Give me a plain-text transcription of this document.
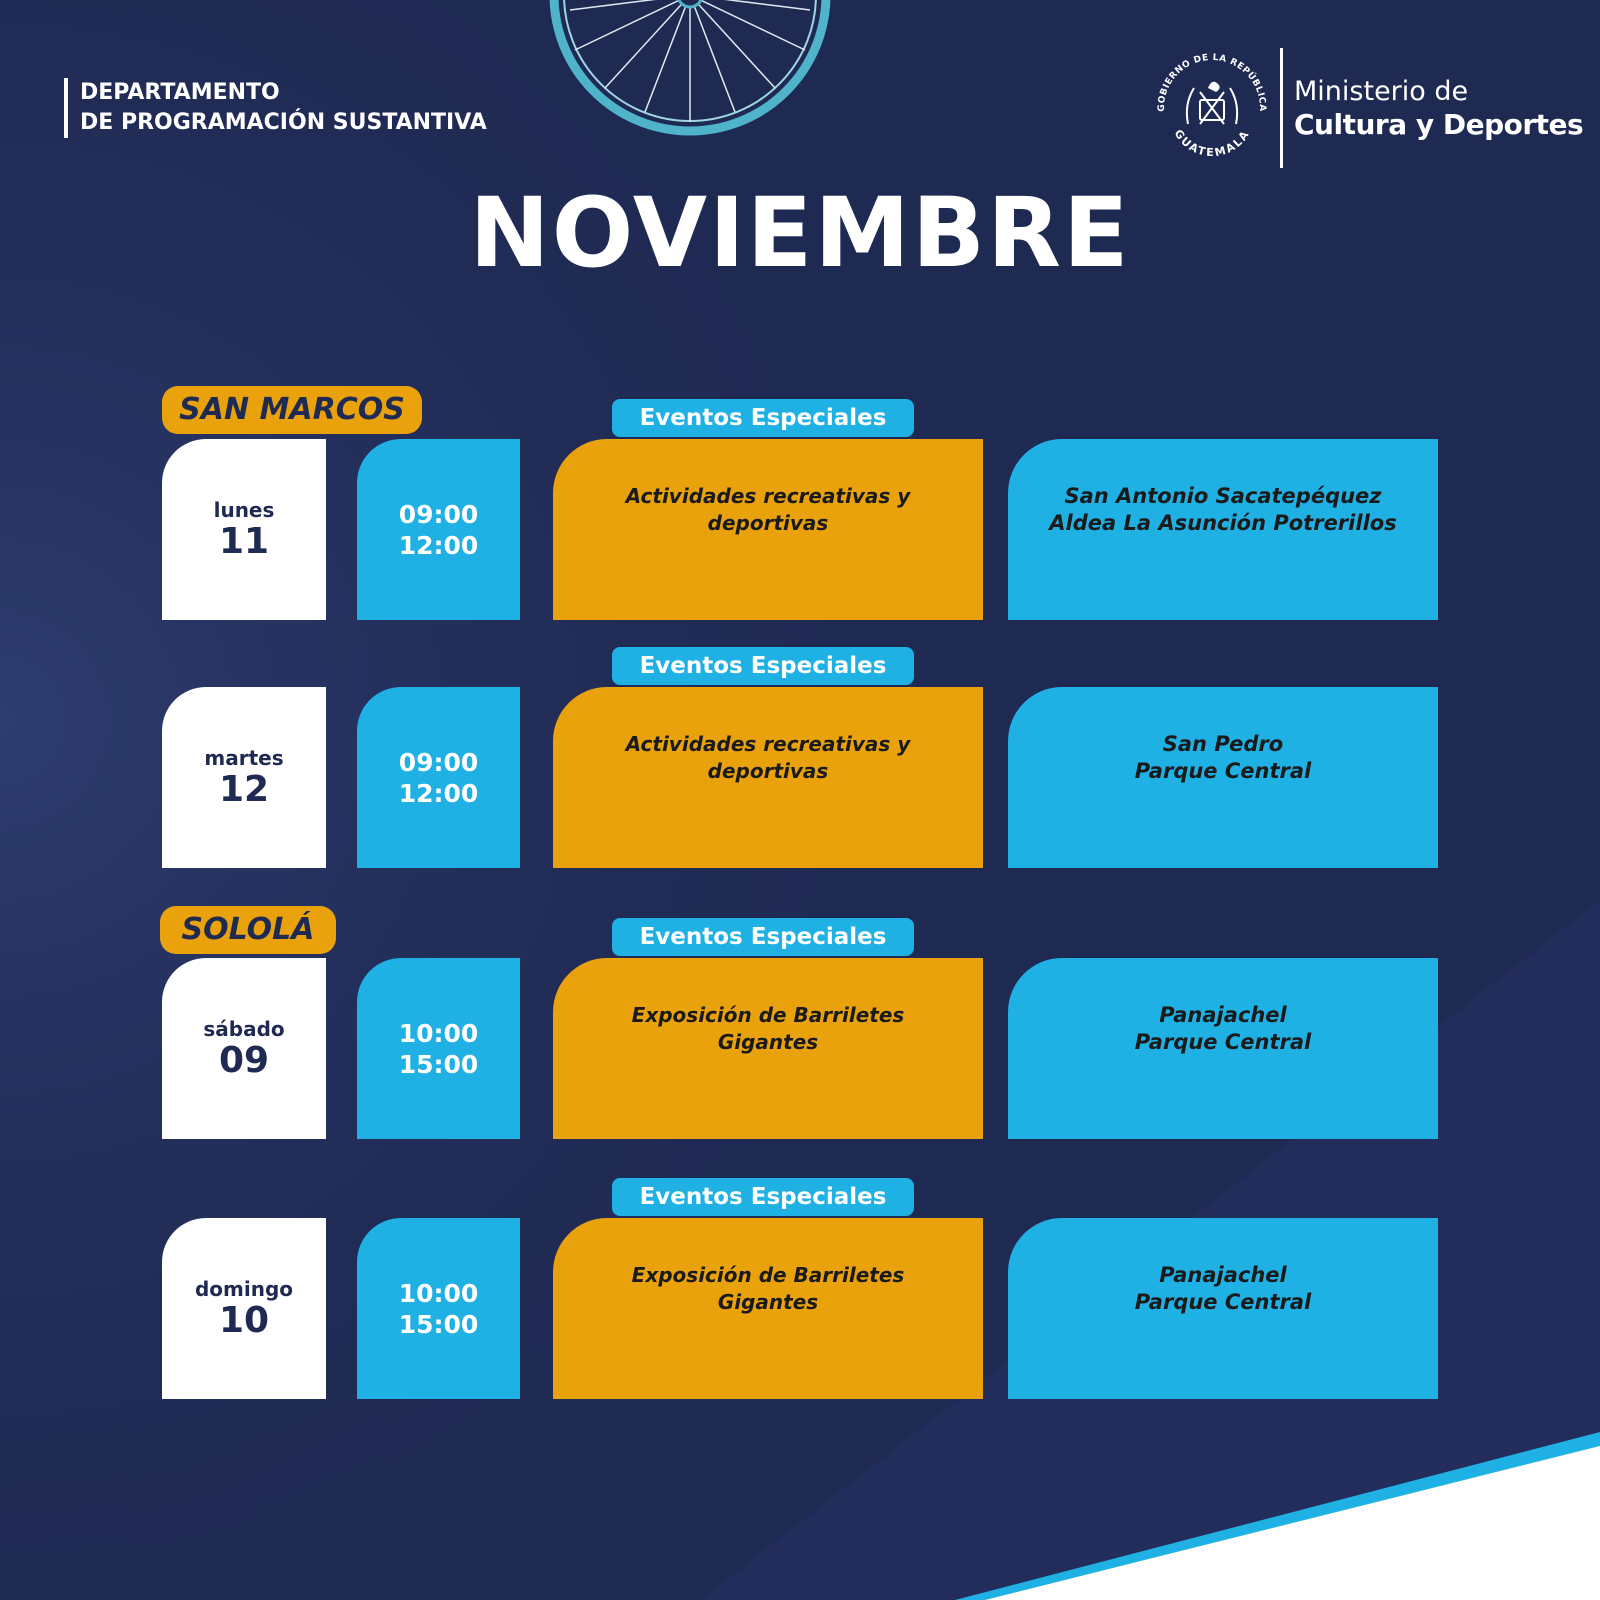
DEPARTAMENTO
DE PROGRAMACIÓN SUSTANTIVA
GOBIERNO DE LA REPÚBLICA
GUATEMALA
Ministerio de
Cultura y Deportes
NOVIEMBRE
SAN MARCOS
SOLOLÁ
Eventos Especiales
lunes
11
09:00
12:00
Actividades recreativas y deportivas
San Antonio Sacatepéquez
Aldea La Asunción Potrerillos
Eventos Especiales
martes
12
09:00
12:00
Actividades recreativas y deportivas
San Pedro
Parque Central
Eventos Especiales
sábado
09
10:00
15:00
Exposición de Barriletes Gigantes
Panajachel
Parque Central
Eventos Especiales
domingo
10
10:00
15:00
Exposición de Barriletes Gigantes
Panajachel
Parque Central
